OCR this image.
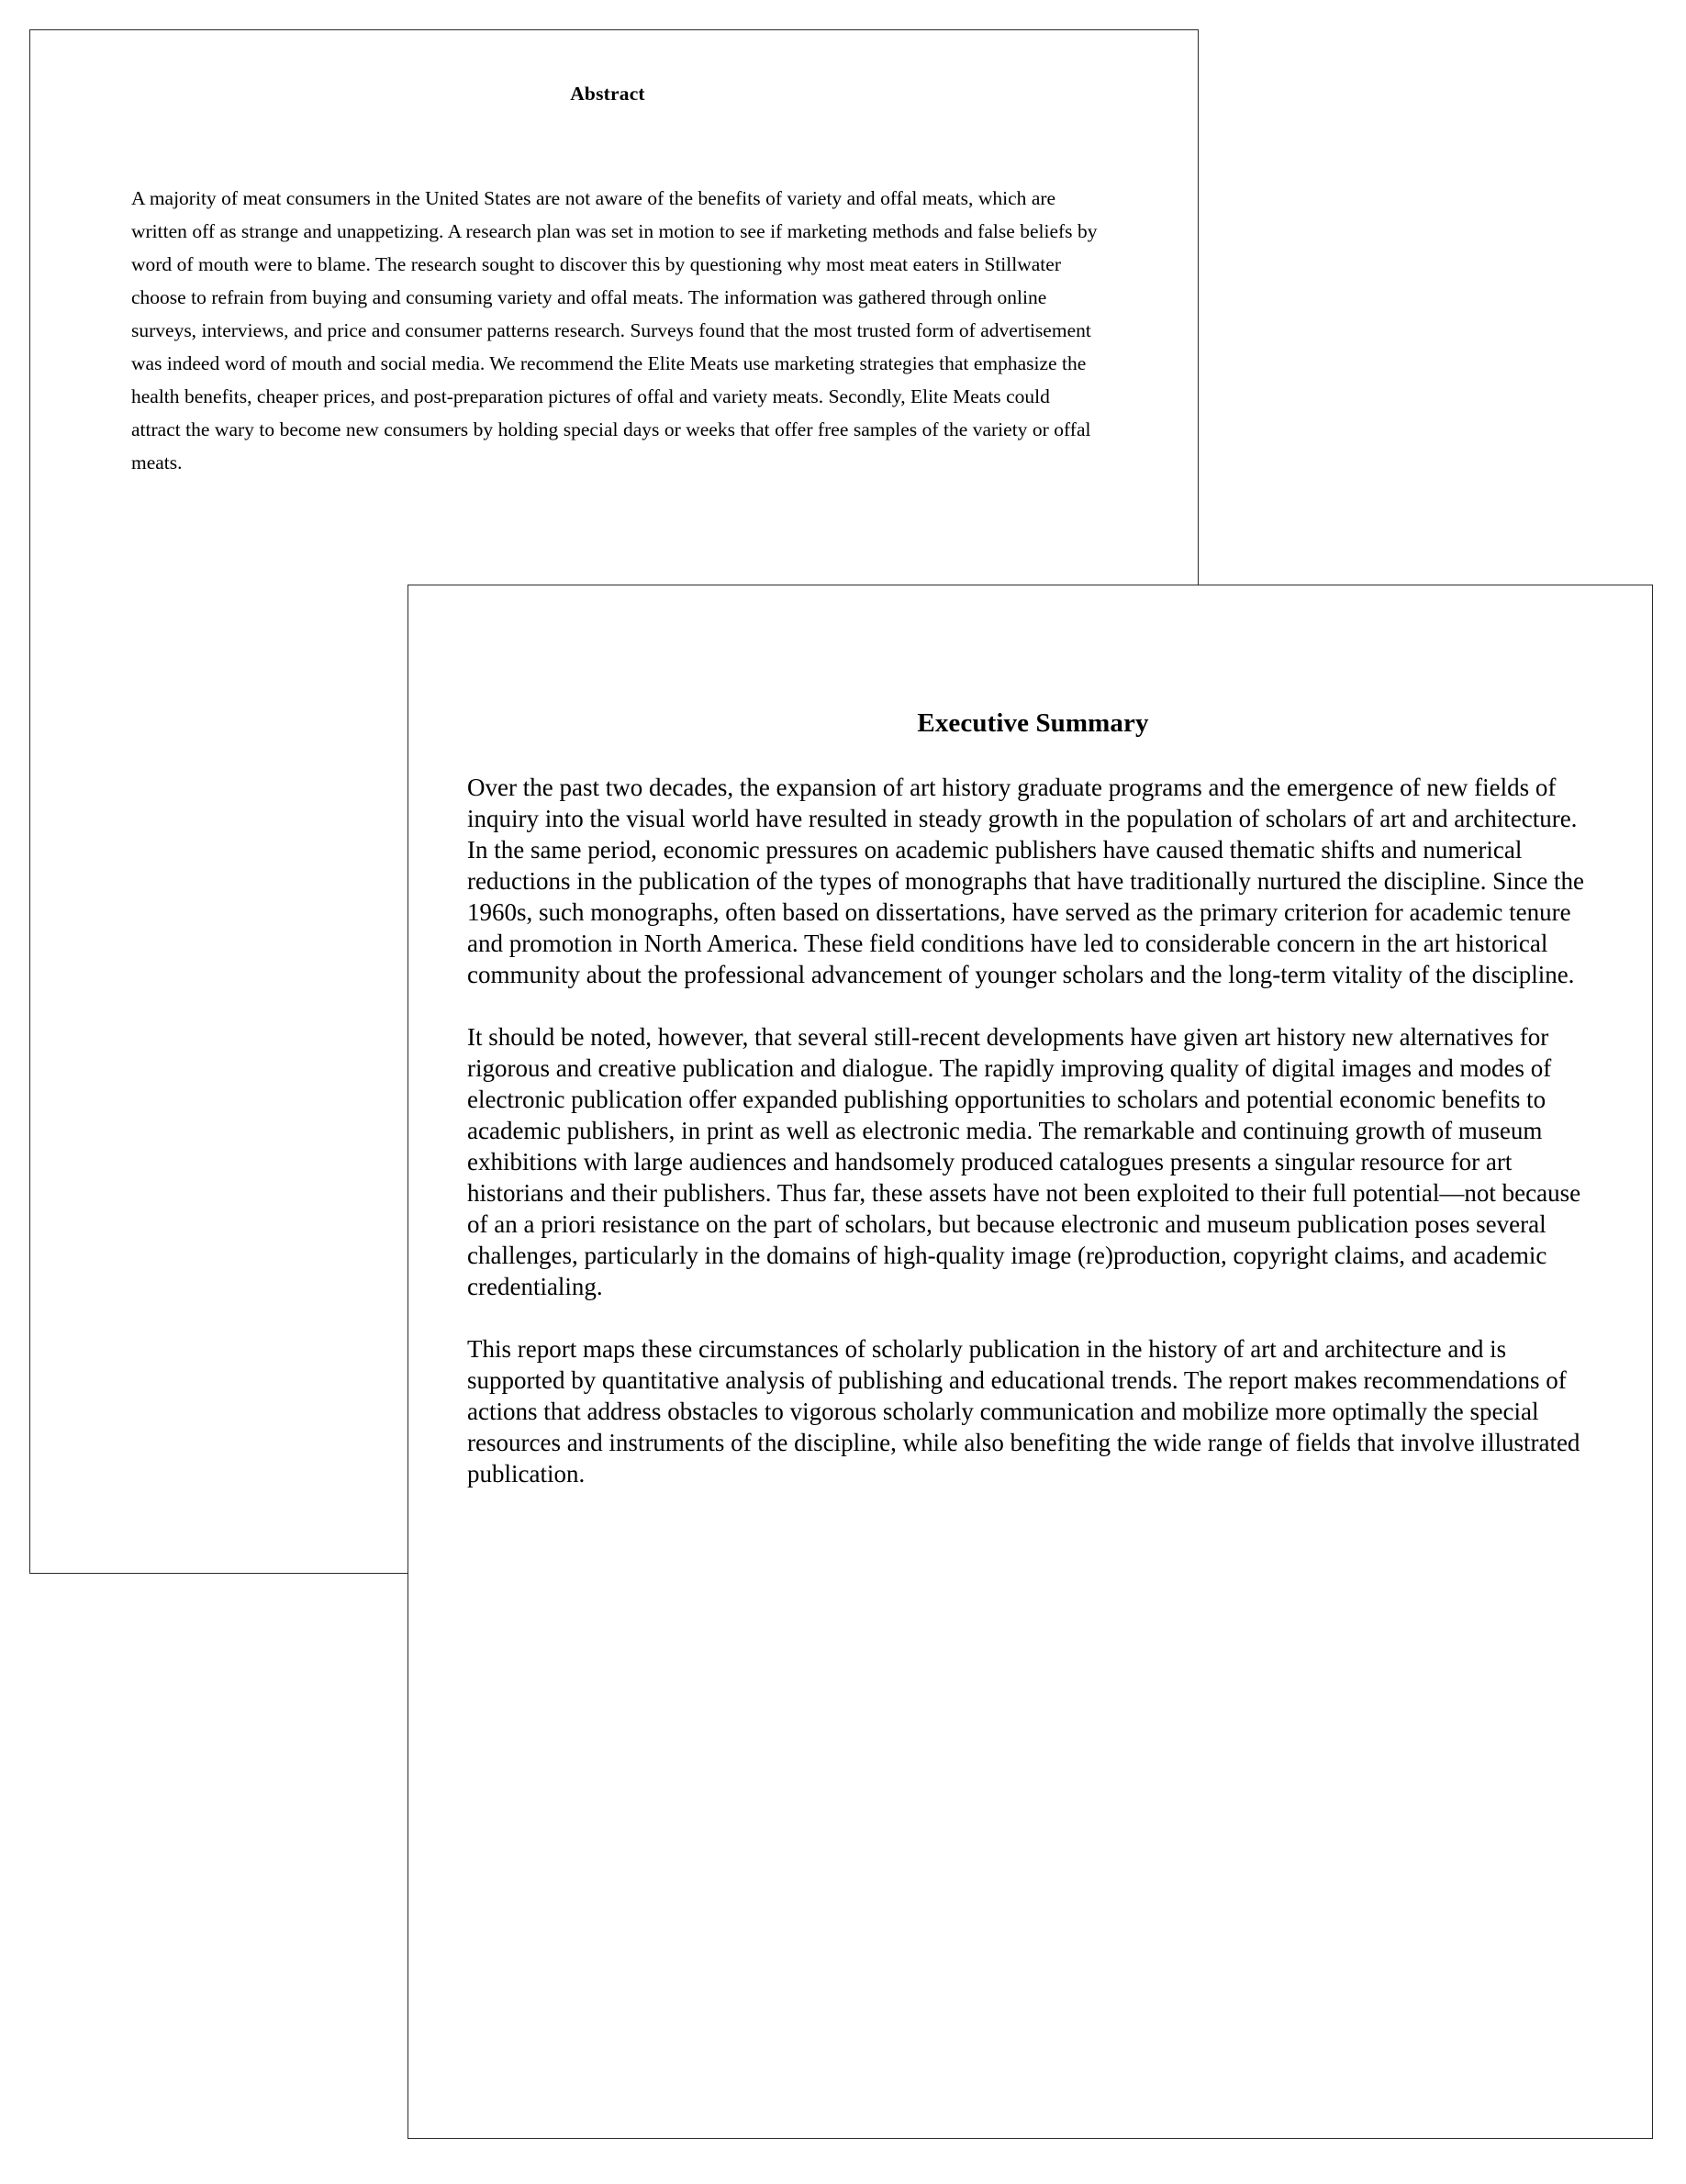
Abstract
A majority of meat consumers in the United States are not aware of the benefits of variety and offal meats, which are written off as strange and unappetizing. A research plan was set in motion to see if marketing methods and false beliefs by word of mouth were to blame. The research sought to discover this by questioning why most meat eaters in Stillwater choose to refrain from buying and consuming variety and offal meats. The information was gathered through online surveys, interviews, and price and consumer patterns research. Surveys found that the most trusted form of advertisement was indeed word of mouth and social media. We recommend the Elite Meats use marketing strategies that emphasize the health benefits, cheaper prices, and post-preparation pictures of offal and variety meats. Secondly, Elite Meats could attract the wary to become new consumers by holding special days or weeks that offer free samples of the variety or offal meats.
Executive Summary

Over the past two decades, the expansion of art history graduate programs and the emergence of new fields of inquiry into the visual world have resulted in steady growth in the population of scholars of art and architecture. In the same period, economic pressures on academic publishers have caused thematic shifts and numerical reductions in the publication of the types of monographs that have traditionally nurtured the discipline. Since the 1960s, such monographs, often based on dissertations, have served as the primary criterion for academic tenure and promotion in North America. These field conditions have led to considerable concern in the art historical community about the professional advancement of younger scholars and the long-term vitality of the discipline.

It should be noted, however, that several still-recent developments have given art history new alternatives for rigorous and creative publication and dialogue. The rapidly improving quality of digital images and modes of electronic publication offer expanded publishing opportunities to scholars and potential economic benefits to academic publishers, in print as well as electronic media. The remarkable and continuing growth of museum exhibitions with large audiences and handsomely produced catalogues presents a singular resource for art historians and their publishers. Thus far, these assets have not been exploited to their full potential—not because of an a priori resistance on the part of scholars, but because electronic and museum publication poses several challenges, particularly in the domains of high-quality image (re)production, copyright claims, and academic credentialing.

This report maps these circumstances of scholarly publication in the history of art and architecture and is supported by quantitative analysis of publishing and educational trends. The report makes recommendations of actions that address obstacles to vigorous scholarly communication and mobilize more optimally the special resources and instruments of the discipline, while also benefiting the wide range of fields that involve illustrated publication.
